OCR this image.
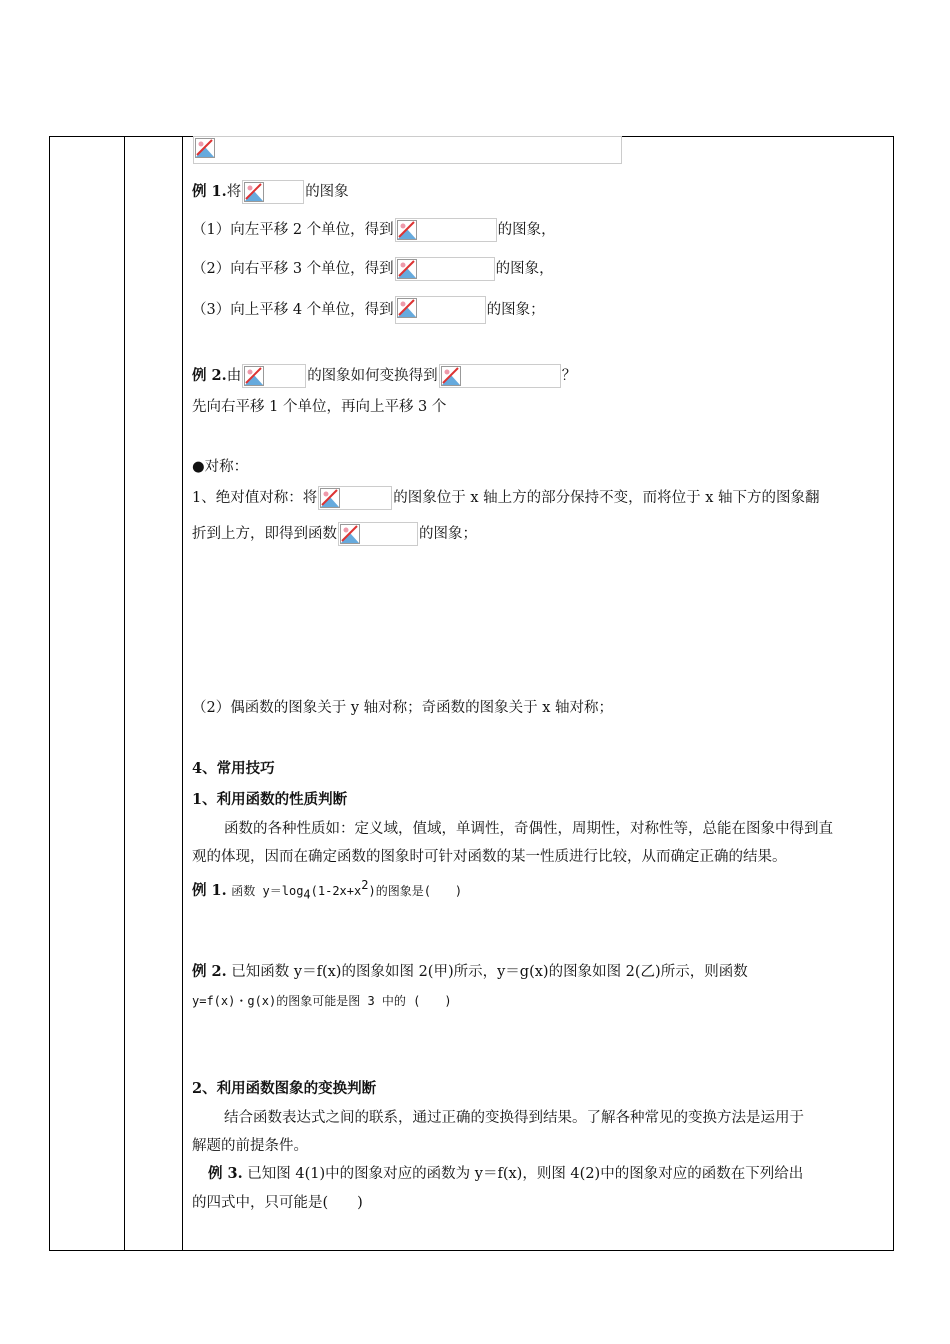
例 1.将	的图象
（1）向左平移 2 个单位，得到	的图象，
（2）向右平移 3 个单位，得到	的图象，
（3）向上平移 4 个单位，得到	的图象；
例 2.由	的图象如何变换得到	？
先向右平移 1 个单位，再向上平移 3 个
●对称：
1、绝对值对称：将	的图象位于 x 轴上方的部分保持不变，而将位于 x 轴下方的图象翻
折到上方，即得到函数	的图象；
（2）偶函数的图象关于 y 轴对称；奇函数的图象关于 x 轴对称；
4、常用技巧
1、利用函数的性质判断
函数的各种性质如：定义域，值域，单调性，奇偶性，周期性，对称性等，总能在图象中得到直
观的体现，因而在确定函数的图象时可针对函数的某一性质进行比较，从而确定正确的结果。
例 1. 函数 $y=\log_4(1-2x+x^2)$的图象是(　　)
例 2. 已知函数 y＝f(x)的图象如图 2(甲)所示，y＝g(x)的图象如图 2(乙)所示，则函数
y=f(x)・g(x)的图象可能是图 3 中的 (　　)
2、利用函数图象的变换判断
结合函数表达式之间的联系，通过正确的变换得到结果。了解各种常见的变换方法是运用于
解题的前提条件。
例 3. 已知图 4(1)中的图象对应的函数为 y＝f(x)，则图 4(2)中的图象对应的函数在下列给出
的四式中，只可能是(　　)
